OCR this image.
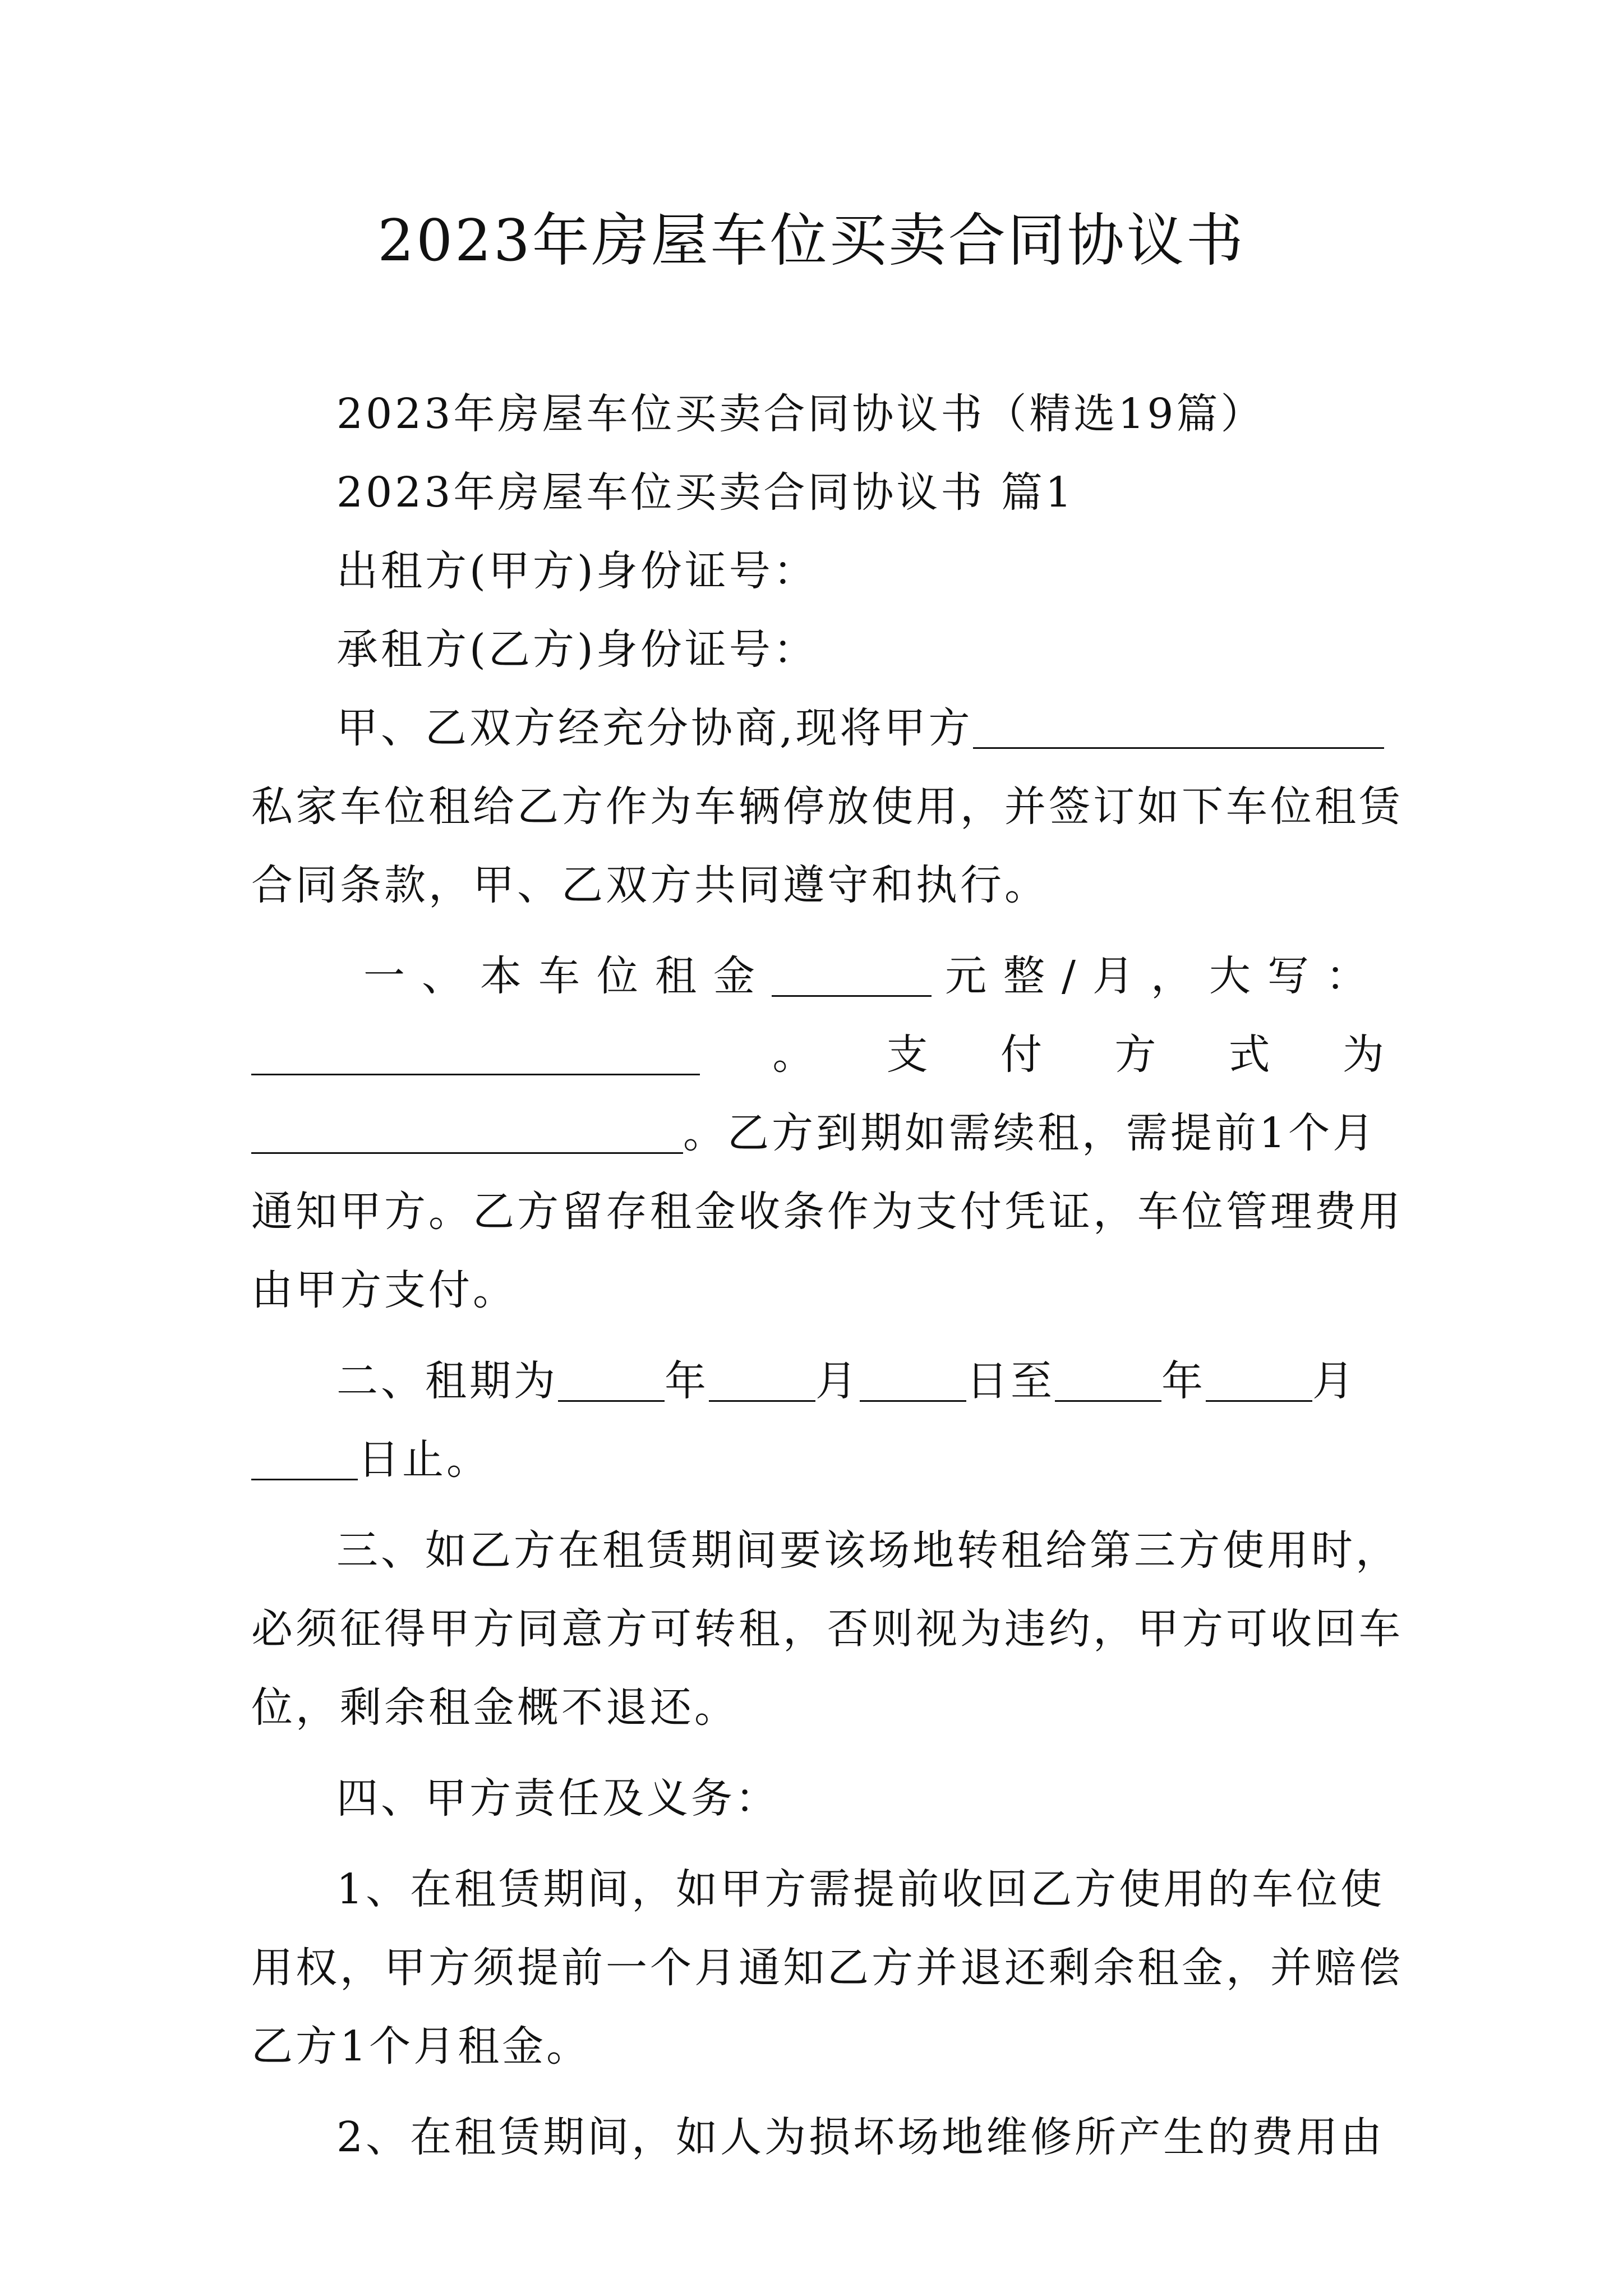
2023年房屋车位买卖合同协议书
2023年房屋车位买卖合同协议书（精选19篇）
2023年房屋车位买卖合同协议书 篇1
出租方(甲方)身份证号：
承租方(乙方)身份证号：
甲、乙双方经充分协商,现将甲方
私家车位租给乙方作为车辆停放使用，并签订如下车位租赁
合同条款，甲、乙双方共同遵守和执行。
一、本车位租金	元整/月，大写：
。 支 付 方 式 为
。乙方到期如需续租，需提前1个月
通知甲方。乙方留存租金收条作为支付凭证，车位管理费用
由甲方支付。
二、租期为	年	月	日至	年	月
日止。
三、如乙方在租赁期间要该场地转租给第三方使用时，
必须征得甲方同意方可转租，否则视为违约，甲方可收回车
位，剩余租金概不退还。
四、甲方责任及义务：
1、在租赁期间，如甲方需提前收回乙方使用的车位使
用权，甲方须提前一个月通知乙方并退还剩余租金，并赔偿
乙方1个月租金。
2、在租赁期间，如人为损坏场地维修所产生的费用由
